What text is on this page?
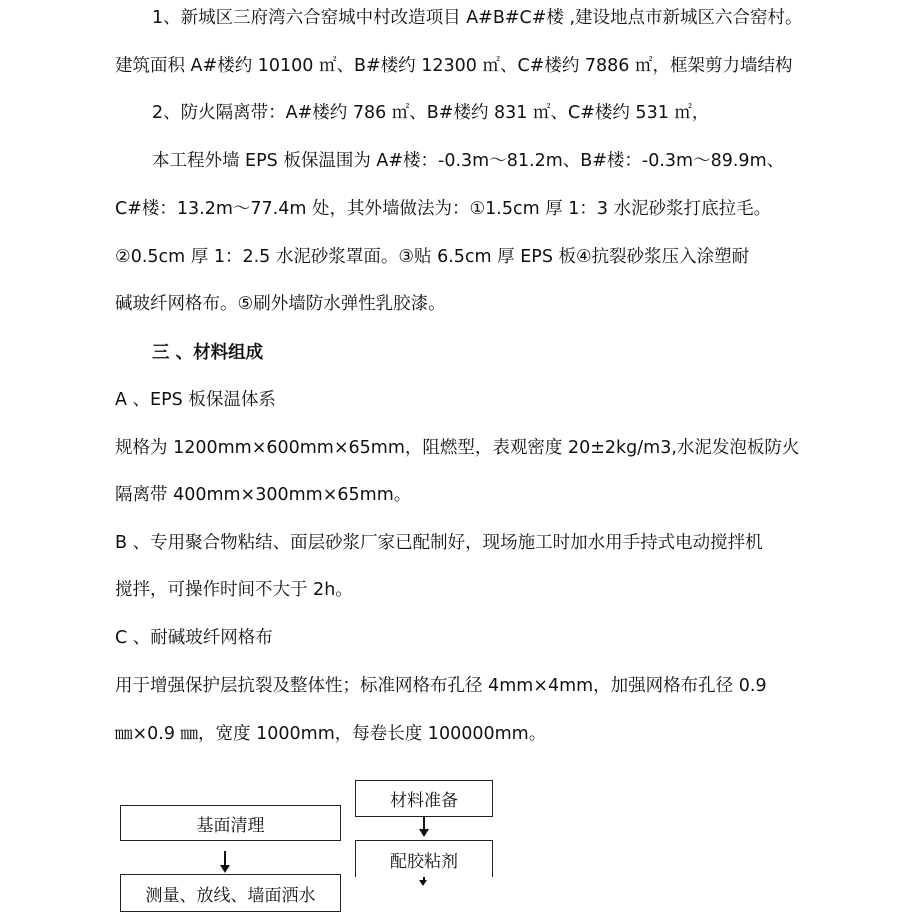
1、新城区三府湾六合窑城中村改造项目 A#B#C#楼 ,建设地点市新城区六合窑村。
建筑面积 A#楼约 10100 ㎡、B#楼约 12300 ㎡、C#楼约 7886 ㎡，框架剪力墙结构
2、防火隔离带：A#楼约 786 ㎡、B#楼约 831 ㎡、C#楼约 531 ㎡，
本工程外墙 EPS 板保温围为 A#楼：-0.3m～81.2m、B#楼：-0.3m～89.9m、
C#楼：13.2m～77.4m 处，其外墙做法为：①1.5cm 厚 1：3 水泥砂浆打底拉毛。
②0.5cm 厚 1：2.5 水泥砂浆罩面。③贴 6.5cm 厚 EPS 板④抗裂砂浆压入涂塑耐
碱玻纤网格布。⑤刷外墙防水弹性乳胶漆。
三 、材料组成
A 、EPS 板保温体系
规格为 1200mm×600mm×65mm，阻燃型，表观密度 20±2kg/m3,水泥发泡板防火
隔离带 400mm×300mm×65mm。
B 、专用聚合物粘结、面层砂浆厂家已配制好，现场施工时加水用手持式电动搅拌机
搅拌，可操作时间不大于 2h。
C 、耐碱玻纤网格布
用于增强保护层抗裂及整体性；标准网格布孔径 4mm×4mm，加强网格布孔径 0.9
㎜×0.9 ㎜，宽度 1000mm，每卷长度 100000mm。
基面清理
测量、放线、墙面洒水
材料准备
配胶粘剂
